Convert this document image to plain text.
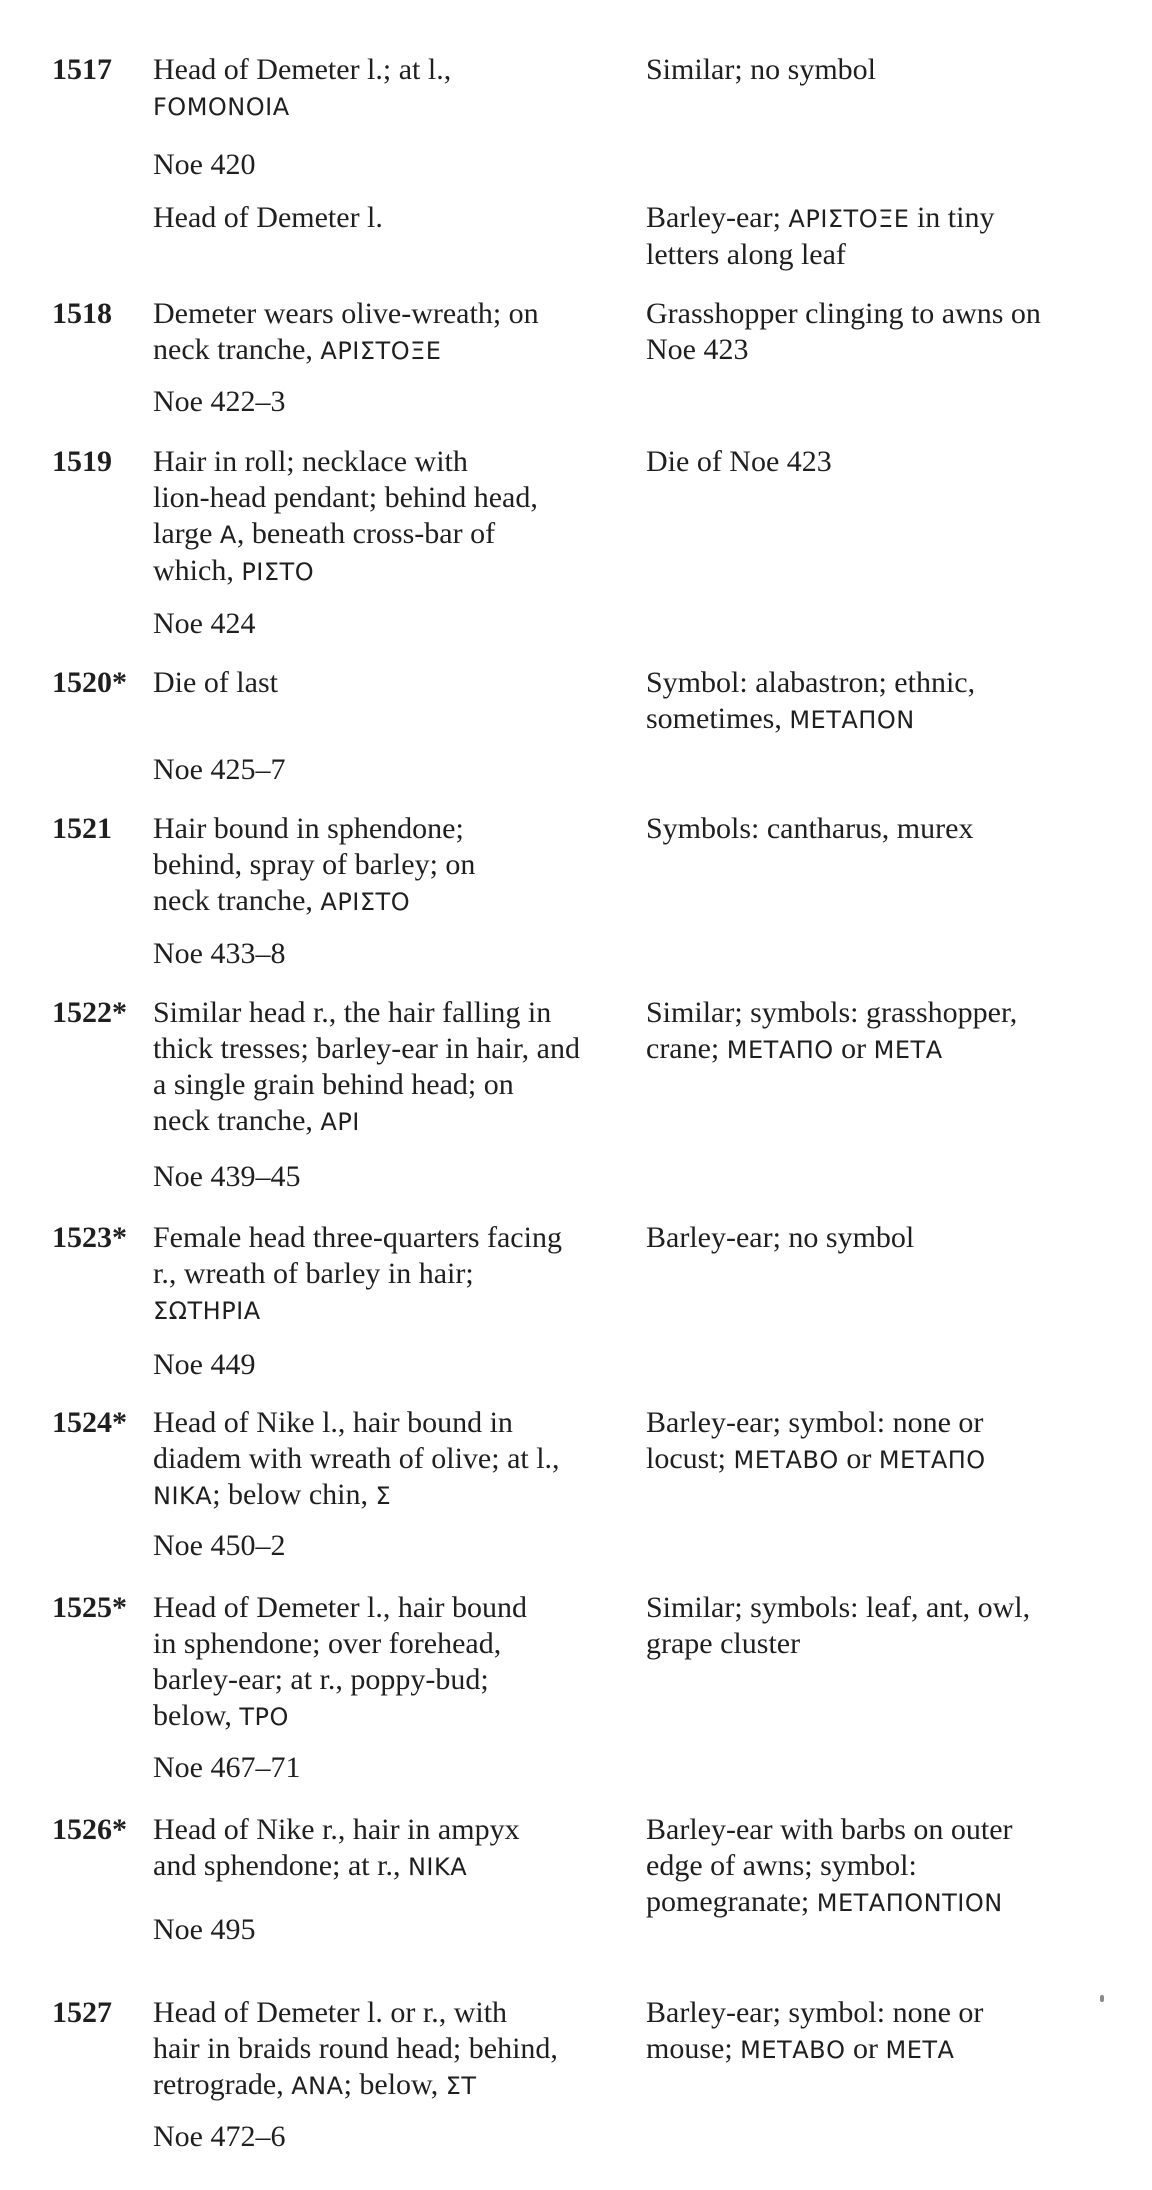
1517 Head of Demeter l.; at l.,
ϜΟΜΟΝΟΙΑ
Similar; no symbol
Noe 420
Head of Demeter l.	Barley-ear; ΑΡΙΣΤΟΞΕ in tiny
letters along leaf
1518 Demeter wears olive-wreath; on
neck tranche, ΑΡΙΣΤΟΞΕ
Grasshopper clinging to awns on
Noe 423
Noe 422–3
1519 Hair in roll; necklace with
lion-head pendant; behind head,
large Α, beneath cross-bar of
which, ΡΙΣΤΟ
Die of Noe 423
Noe 424
1520* Die of last	Symbol: alabastron; ethnic,
sometimes, ΜΕΤΑΠΟΝ
Noe 425–7
1521 Hair bound in sphendone;
behind, spray of barley; on
neck tranche, ΑΡΙΣΤΟ
Symbols: cantharus, murex
Noe 433–8
1522* Similar head r., the hair falling in
thick tresses; barley-ear in hair, and
a single grain behind head; on
neck tranche, ΑΡΙ
Similar; symbols: grasshopper,
crane; ΜΕΤΑΠΟ or ΜΕΤΑ
Noe 439–45
1523* Female head three-quarters facing
r., wreath of barley in hair;
ΣΩΤΗΡΙΑ
Barley-ear; no symbol
Noe 449
1524* Head of Nike l., hair bound in
diadem with wreath of olive; at l.,
ΝΙΚΑ; below chin, Σ
Barley-ear; symbol: none or
locust; ΜΕΤΑΒΟ or ΜΕΤΑΠΟ
Noe 450–2
1525* Head of Demeter l., hair bound
in sphendone; over forehead,
barley-ear; at r., poppy-bud;
below, ΤΡΟ
Similar; symbols: leaf, ant, owl,
grape cluster
Noe 467–71
1526* Head of Nike r., hair in ampyx
and sphendone; at r., ΝΙΚΑ
Barley-ear with barbs on outer
edge of awns; symbol:
pomegranate; ΜΕΤΑΠΟΝΤΙΟΝ
Noe 495
1527 Head of Demeter l. or r., with
hair in braids round head; behind,
retrograde, ΑΝΑ; below, ΣΤ
Barley-ear; symbol: none or
mouse; ΜΕΤΑΒΟ or ΜΕΤΑ
Noe 472–6
